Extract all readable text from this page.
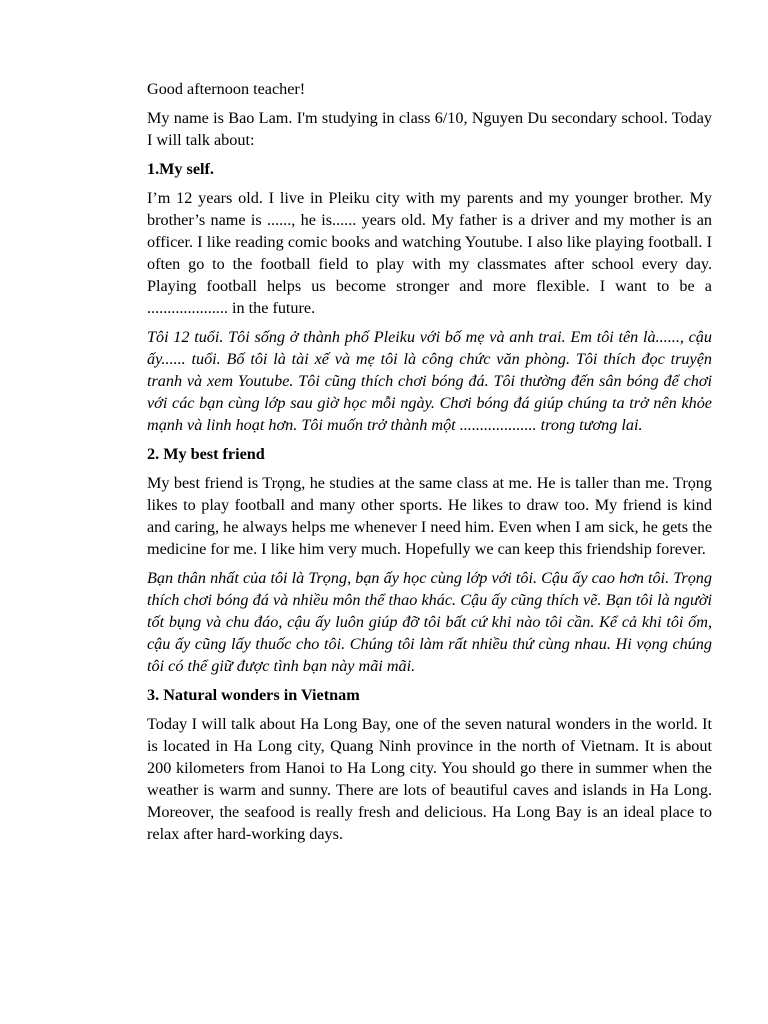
Good afternoon teacher!

My name is Bao Lam. I'm studying in class 6/10, Nguyen Du secondary school. Today I will talk about:

1.My self.

I’m 12 years old. I live in Pleiku city with my parents and my younger brother. My brother’s name is ......, he is...... years old. My father is a driver and my mother is an officer. I like reading comic books and watching Youtube. I also like playing football. I often go to the football field to play with my classmates after school every day. Playing football helps us become stronger and more flexible. I want to be a .................... in the future.

Tôi 12 tuổi. Tôi sống ở thành phố Pleiku với bố mẹ và anh trai. Em tôi tên là......, cậu ấy...... tuổi. Bố tôi là tài xế và mẹ tôi là công chức văn phòng. Tôi thích đọc truyện tranh và xem Youtube. Tôi cũng thích chơi bóng đá. Tôi thường đến sân bóng để chơi với các bạn cùng lớp sau giờ học mỗi ngày. Chơi bóng đá giúp chúng ta trở nên khỏe mạnh và linh hoạt hơn. Tôi muốn trở thành một ................... trong tương lai.

2. My best friend

My best friend is Trọng, he studies at the same class at me. He is taller than me. Trọng likes to play football and many other sports. He likes to draw too. My friend is kind and caring, he always helps me whenever I need him. Even when I am sick, he gets the medicine for me. I like him very much. Hopefully we can keep this friendship forever.

Bạn thân nhất của tôi là Trọng, bạn ấy học cùng lớp với tôi. Cậu ấy cao hơn tôi. Trọng thích chơi bóng đá và nhiều môn thể thao khác. Cậu ấy cũng thích vẽ. Bạn tôi là người tốt bụng và chu đáo, cậu ấy luôn giúp đỡ tôi bất cứ khi nào tôi cần. Kể cả khi tôi ốm, cậu ấy cũng lấy thuốc cho tôi. Chúng tôi làm rất nhiều thứ cùng nhau. Hi vọng chúng tôi có thể giữ được tình bạn này mãi mãi.

3. Natural wonders in Vietnam

Today I will talk about Ha Long Bay, one of the seven natural wonders in the world. It is located in Ha Long city, Quang Ninh province in the north of Vietnam. It is about 200 kilometers from Hanoi to Ha Long city. You should go there in summer when the weather is warm and sunny. There are lots of beautiful caves and islands in Ha Long. Moreover, the seafood is really fresh and delicious. Ha Long Bay is an ideal place to relax after hard-working days.
